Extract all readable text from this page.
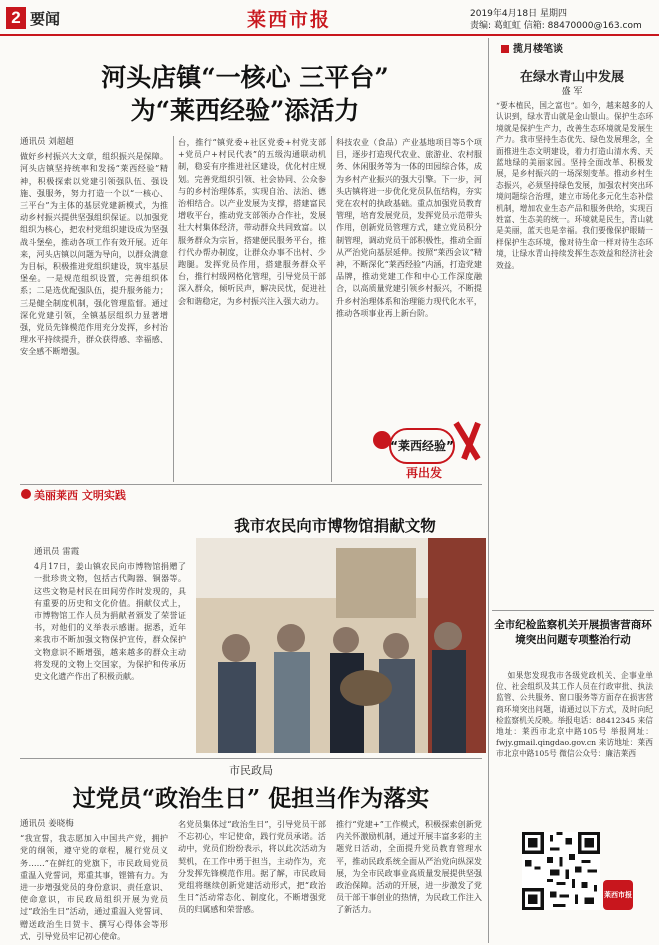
2 要闻	莱西市报	2019年4月18日 星期四
责编: 葛虹虹 信箱: 88470000@163.com
河头店镇“一核心 三平台”
为“莱西经验”添活力
通讯员 刘超超
做好乡村振兴大文章，组织振兴是保障。河头店镇坚持统率和发扬“莱西经验”精神，积极探索以党建引领强队伍、强设施、强服务，努力打造一个以“一核心、三平台”为主体的基层党建新模式，为推动乡村振兴提供坚强组织保证。以加强党组织为核心，把农村党组织建设成为坚强战斗堡垒，推动各项工作有效开展。近年来，河头店镇以问题为导向，以群众满意为目标，积极推进党组织建设，筑牢基层堡垒。一是规范组织设置，完善组织体系；二是选优配强队伍，提升服务能力；三是健全制度机制，强化管理监督。通过深化党建引领，全镇基层组织力显著增强，党员先锋模范作用充分发挥，乡村治理水平持续提升，群众获得感、幸福感、安全感不断增强。
台，推行“镇党委+社区党委+村党支部+党员户+村民代表”的五级沟通联动机制，稳妥有序推进社区建设，优化村庄规划。完善党组织引领、社会协同、公众参与的乡村治理体系，实现自治、法治、德治相结合。以产业发展为支撑，搭建富民增收平台，推动党支部领办合作社，发展壮大村集体经济，带动群众共同致富。以服务群众为宗旨，搭建便民服务平台，推行代办帮办制度，让群众办事不出村、少跑腿。发挥党员作用，搭建服务群众平台，推行村级网格化管理，引导党员干部深入群众，倾听民声，解决民忧，促进社会和谐稳定，为乡村振兴注入强大动力。
科技农业（食品）产业基地项目等5个项目，逐步打造现代农业、旅游业、农村服务、休闲服务等为一体的田园综合体，成为乡村产业振兴的强大引擎。下一步，河头店镇将进一步优化党员队伍结构，夯实党在农村的执政基础。重点加强党员教育管理，培育发展党员，发挥党员示范带头作用，创新党员管理方式，建立党员积分制管理，调动党员干部积极性，推动全面从严治党向基层延伸。按照“莱西会议”精神，不断深化“莱西经验”内涵，打造党建品牌，推动党建工作和中心工作深度融合，以高质量党建引领乡村振兴，不断提升乡村治理体系和治理能力现代化水平，推动各项事业再上新台阶。
“莱西经验”
再出发
美丽莱西 文明实践
我市农民向市博物馆捐献文物
通讯员 雷霞
4月17日，姜山镇农民向市博物馆捐赠了一批珍贵文物，包括古代陶器、铜器等。这些文物是村民在田间劳作时发现的，具有重要的历史和文化价值。捐献仪式上，市博物馆工作人员为捐献者颁发了荣誉证书，对他们的义举表示感谢。据悉，近年来我市不断加强文物保护宣传，群众保护文物意识不断增强，越来越多的群众主动将发现的文物上交国家，为保护和传承历史文化遗产作出了积极贡献。
市民政局
过党员“政治生日” 促担当作为落实
通讯员 姜晓梅
“我宣誓，我志愿加入中国共产党，拥护党的纲领，遵守党的章程，履行党员义务……”在鲜红的党旗下，市民政局党员重温入党誓词，郑重其事，铿锵有力。为进一步增强党员的身份意识、责任意识、使命意识，市民政局组织开展为党员过“政治生日”活动，通过重温入党誓词、赠送政治生日贺卡、撰写心得体会等形式，引导党员牢记初心使命。
名党员集体过“政治生日”，引导党员干部不忘初心，牢记使命，践行党员承诺。活动中，党员们纷纷表示，将以此次活动为契机，在工作中勇于担当，主动作为，充分发挥先锋模范作用。据了解，市民政局党组将继续创新党建活动形式，把“政治生日”活动常态化、制度化，不断增强党员的归属感和荣誉感。
推行“党建+”工作模式，积极探索创新党内关怀激励机制，通过开展丰富多彩的主题党日活动，全面提升党员教育管理水平，推动民政系统全面从严治党向纵深发展，为全市民政事业高质量发展提供坚强政治保障。活动的开展，进一步激发了党员干部干事创业的热情，为民政工作注入了新活力。
揽月楼笔谈
在绿水青山中发展
盛 军
“要本植民，国之富也”。如今，越来越多的人认识到，绿水青山就是金山银山。保护生态环境就是保护生产力，改善生态环境就是发展生产力。我市坚持生态优先、绿色发展理念，全面推进生态文明建设，着力打造山清水秀、天蓝地绿的美丽家园。坚持全面改革、积极发展，是乡村振兴的一场深刻变革。推动乡村生态振兴，必须坚持绿色发展，加强农村突出环境问题综合治理，建立市场化多元化生态补偿机制，增加农业生态产品和服务供给，实现百姓富、生态美的统一。环境就是民生，青山就是美丽，蓝天也是幸福。我们要像保护眼睛一样保护生态环境，像对待生命一样对待生态环境，让绿水青山持续发挥生态效益和经济社会效益。
全市纪检监察机关开展损害营商环境突出问题专项整治行动

如果您发现我市各级党政机关、企事业单位、社会组织及其工作人员在行政审批、执法监管、公共服务、窗口服务等方面存在损害营商环境突出问题，请通过以下方式，及时向纪检监察机关反映。举报电话：88412345 来信地址：莱西市北京中路105号 举报网址：fwjy.gmail.qingdao.gov.cn 来访地址：莱西市北京中路105号 微信公众号：廉洁莱西

莱西市报
